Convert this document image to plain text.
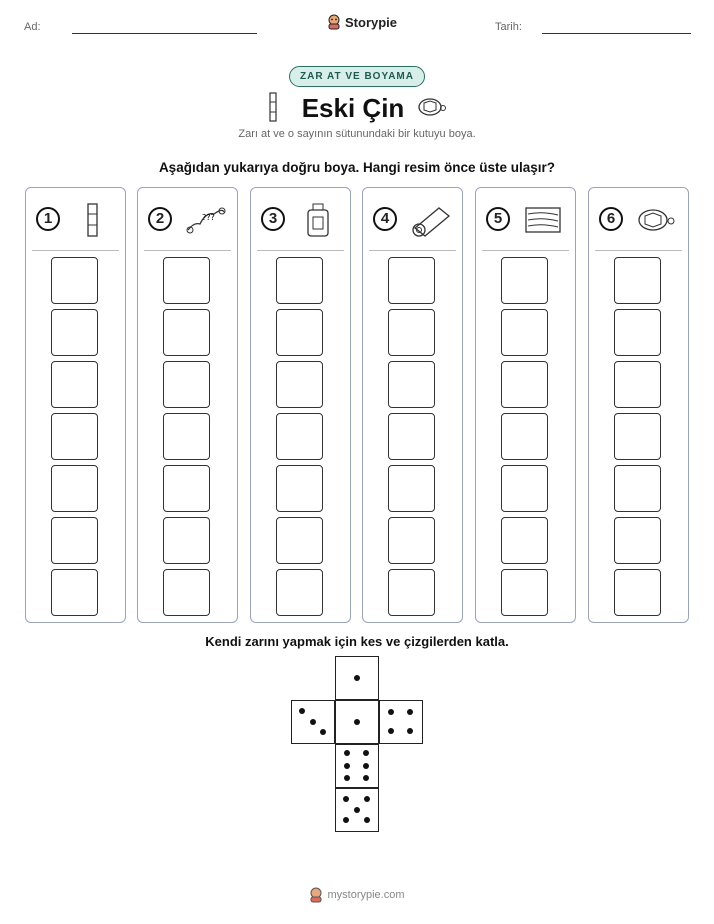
Ad:	Storypie	Tarih:
ZAR AT VE BOYAMA
Eski Çin
Zarı at ve o sayının sütunundaki bir kutuyu boya.
Aşağıdan yukarıya doğru boya. Hangi resim önce üste ulaşır?
1	2	???	3	4	5	6
Kendi zarını yapmak için kes ve çizgilerden katla.
mystorypie.com
